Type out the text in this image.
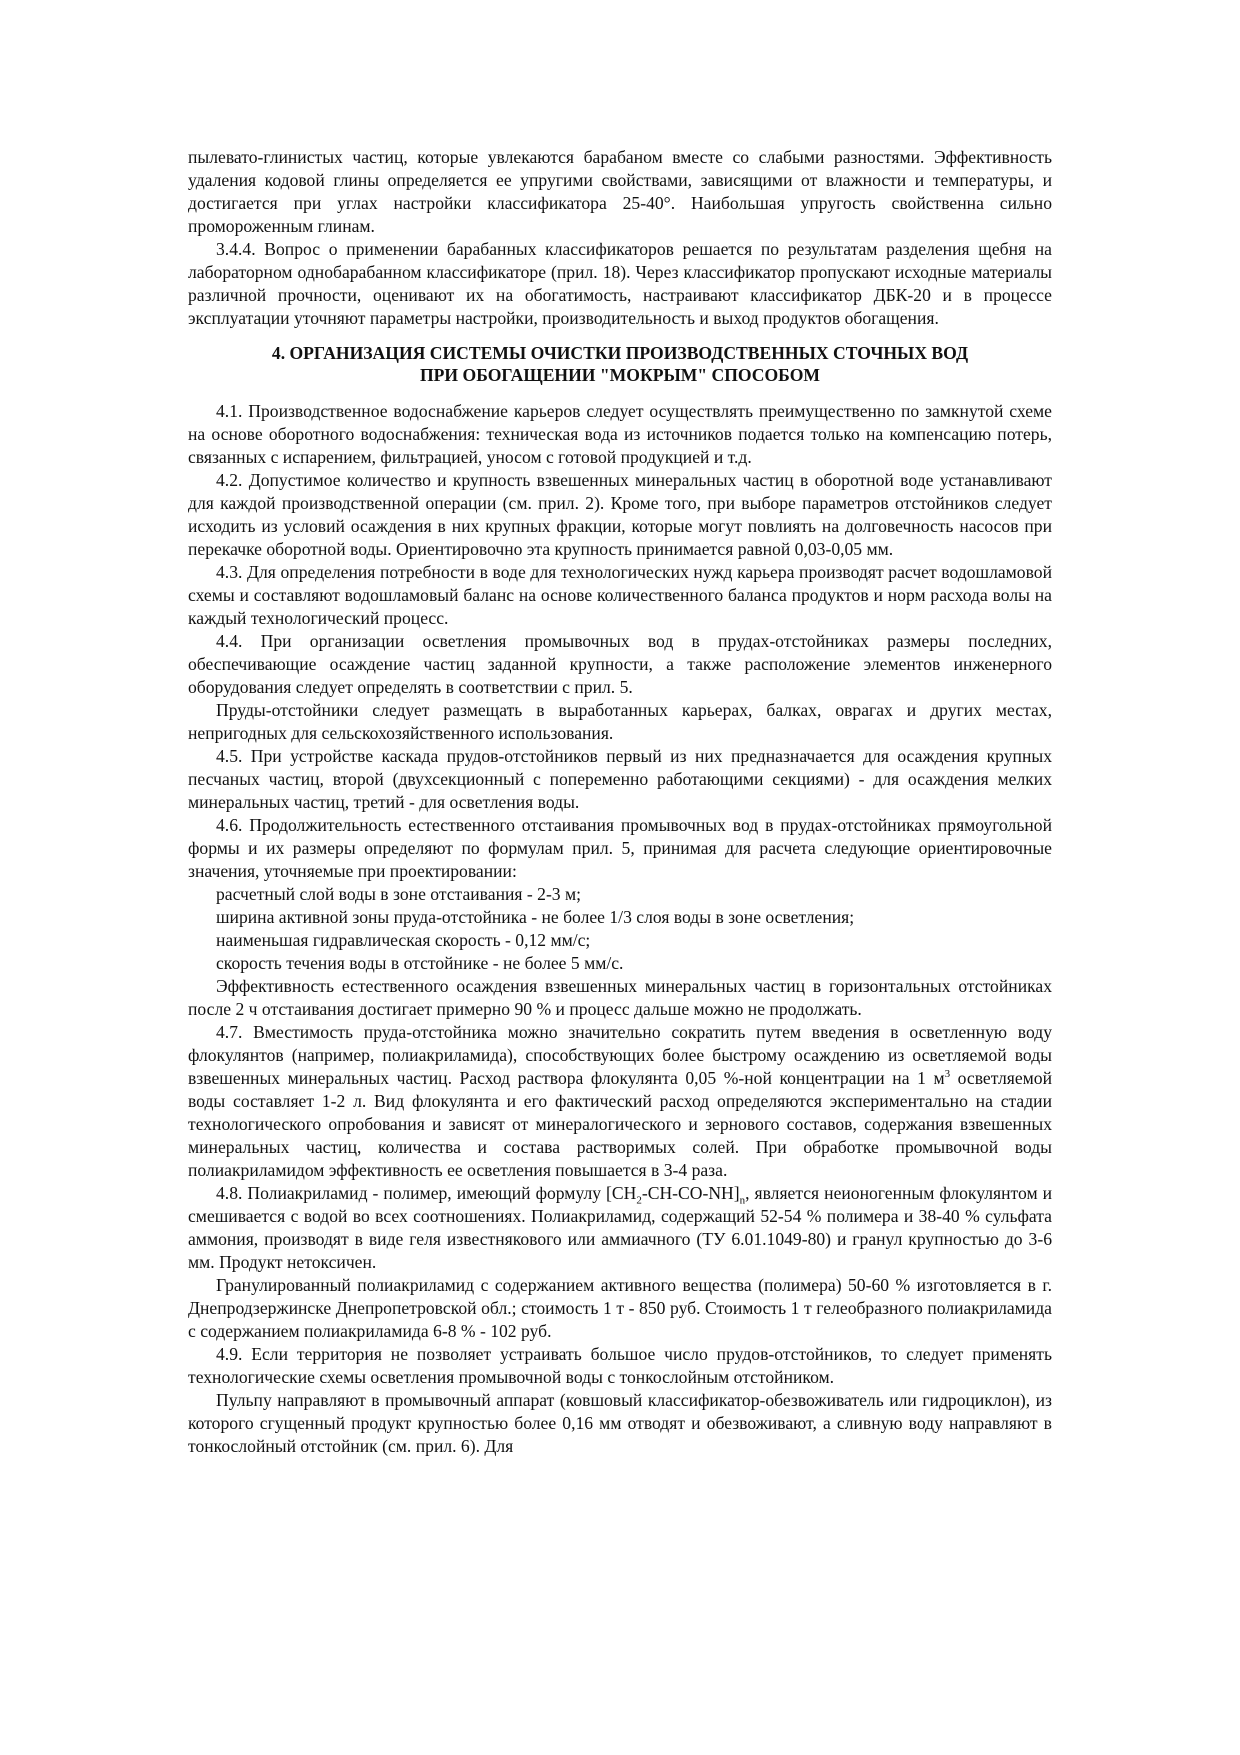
пылевато-глинистых частиц, которые увлекаются барабаном вместе со слабыми разностями. Эффективность удаления кодовой глины определяется ее упругими свойствами, зависящими от влажности и температуры, и достигается при углах настройки классификатора 25-40°. Наибольшая упругость свойственна сильно промороженным глинам.

3.4.4. Вопрос о применении барабанных классификаторов решается по результатам разделения щебня на лабораторном однобарабанном классификаторе (прил. 18). Через классификатор пропускают исходные материалы различной прочности, оценивают их на обогатимость, настраивают классификатор ДБК-20 и в процессе эксплуатации уточняют параметры настройки, производительность и выход продуктов обогащения.

4. ОРГАНИЗАЦИЯ СИСТЕМЫ ОЧИСТКИ ПРОИЗВОДСТВЕННЫХ СТОЧНЫХ ВОД
ПРИ ОБОГАЩЕНИИ "МОКРЫМ" СПОСОБОМ

4.1. Производственное водоснабжение карьеров следует осуществлять преимущественно по замкнутой схеме на основе оборотного водоснабжения: техническая вода из источников подается только на компенсацию потерь, связанных с испарением, фильтрацией, уносом с готовой продукцией и т.д.

4.2. Допустимое количество и крупность взвешенных минеральных частиц в оборотной воде устанавливают для каждой производственной операции (см. прил. 2). Кроме того, при выборе параметров отстойников следует исходить из условий осаждения в них крупных фракции, которые могут повлиять на долговечность насосов при перекачке оборотной воды. Ориентировочно эта крупность принимается равной 0,03-0,05 мм.

4.3. Для определения потребности в воде для технологических нужд карьера производят расчет водошламовой схемы и составляют водошламовый баланс на основе количественного баланса продуктов и норм расхода волы на каждый технологический процесс.

4.4. При организации осветления промывочных вод в прудах-отстойниках размеры последних, обеспечивающие осаждение частиц заданной крупности, а также расположение элементов инженерного оборудования следует определять в соответствии с прил. 5.

Пруды-отстойники следует размещать в выработанных карьерах, балках, оврагах и других местах, непригодных для сельскохозяйственного использования.

4.5. При устройстве каскада прудов-отстойников первый из них предназначается для осаждения крупных песчаных частиц, второй (двухсекционный с попеременно работающими секциями) - для осаждения мелких минеральных частиц, третий - для осветления воды.

4.6. Продолжительность естественного отстаивания промывочных вод в прудах-отстойниках прямоугольной формы и их размеры определяют по формулам прил. 5, принимая для расчета следующие ориентировочные значения, уточняемые при проектировании:

расчетный слой воды в зоне отстаивания - 2-3 м;

ширина активной зоны пруда-отстойника - не более 1/3 слоя воды в зоне осветления;

наименьшая гидравлическая скорость - 0,12 мм/с;

скорость течения воды в отстойнике - не более 5 мм/с.

Эффективность естественного осаждения взвешенных минеральных частиц в горизонтальных отстойниках после 2 ч отстаивания достигает примерно 90 % и процесс дальше можно не продолжать.

4.7. Вместимость пруда-отстойника можно значительно сократить путем введения в осветленную воду флокулянтов (например, полиакриламида), способствующих более быстрому осаждению из осветляемой воды взвешенных минеральных частиц. Расход раствора флокулянта 0,05 %-ной концентрации на 1 $м^3$ осветляемой воды составляет 1-2 л. Вид флокулянта и его фактический расход определяются экспериментально на стадии технологического опробования и зависят от минералогического и зернового составов, содержания взвешенных минеральных частиц, количества и состава растворимых солей. При обработке промывочной воды полиакриламидом эффективность ее осветления повышается в 3-4 раза.

4.8. Полиакриламид - полимер, имеющий формулу $[CH_2-CH-CO-NH]_n$, является неионогенным флокулянтом и смешивается с водой во всех соотношениях. Полиакриламид, содержащий 52-54 % полимера и 38-40 % сульфата аммония, производят в виде геля известнякового или аммиачного (ТУ 6.01.1049-80) и гранул крупностью до 3-6 мм. Продукт нетоксичен.

Гранулированный полиакриламид с содержанием активного вещества (полимера) 50-60 % изготовляется в г. Днепродзержинске Днепропетровской обл.; стоимость 1 т - 850 руб. Стоимость 1 т гелеобразного полиакриламида с содержанием полиакриламида 6-8 % - 102 руб.

4.9. Если территория не позволяет устраивать большое число прудов-отстойников, то следует применять технологические схемы осветления промывочной воды с тонкослойным отстойником.

Пульпу направляют в промывочный аппарат (ковшовый классификатор-обезвоживатель или гидроциклон), из которого сгущенный продукт крупностью более 0,16 мм отводят и обезвоживают, а сливную воду направляют в тонкослойный отстойник (см. прил. 6). Для
